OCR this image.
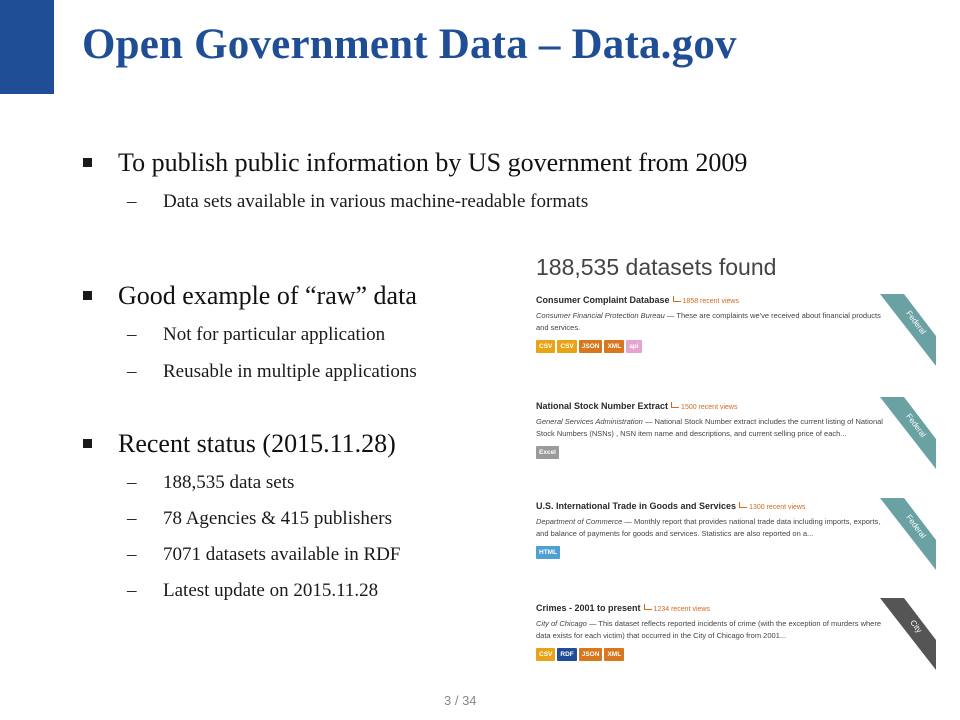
Open Government Data – Data.gov
To publish public information by US government from 2009
– Data sets available in various machine-readable formats
Good example of “raw” data
– Not for particular application
– Reusable in multiple applications
Recent status (2015.11.28)
– 188,535 data sets
– 78 Agencies & 415 publishers
– 7071 datasets available in RDF
– Latest update on 2015.11.28
188,535 datasets found
Consumer Complaint Database 1858 recent views
Consumer Financial Protection Bureau — These are complaints we've received about financial products and services.
CSV	CSV	JSON	XML	api
National Stock Number Extract 1500 recent views
General Services Administration — National Stock Number extract includes the current listing of National Stock Numbers (NSNs) , NSN item name and descriptions, and current selling price of each...
Excel
U.S. International Trade in Goods and Services 1300 recent views
Department of Commerce — Monthly report that provides national trade data including imports, exports, and balance of payments for goods and services. Statistics are also reported on a...
HTML
Crimes - 2001 to present 1234 recent views
City of Chicago — This dataset reflects reported incidents of crime (with the exception of murders where data exists for each victim) that occurred in the City of Chicago from 2001...
CSV	RDF	JSON	XML
Federal
Federal
Federal
City
3 / 34
